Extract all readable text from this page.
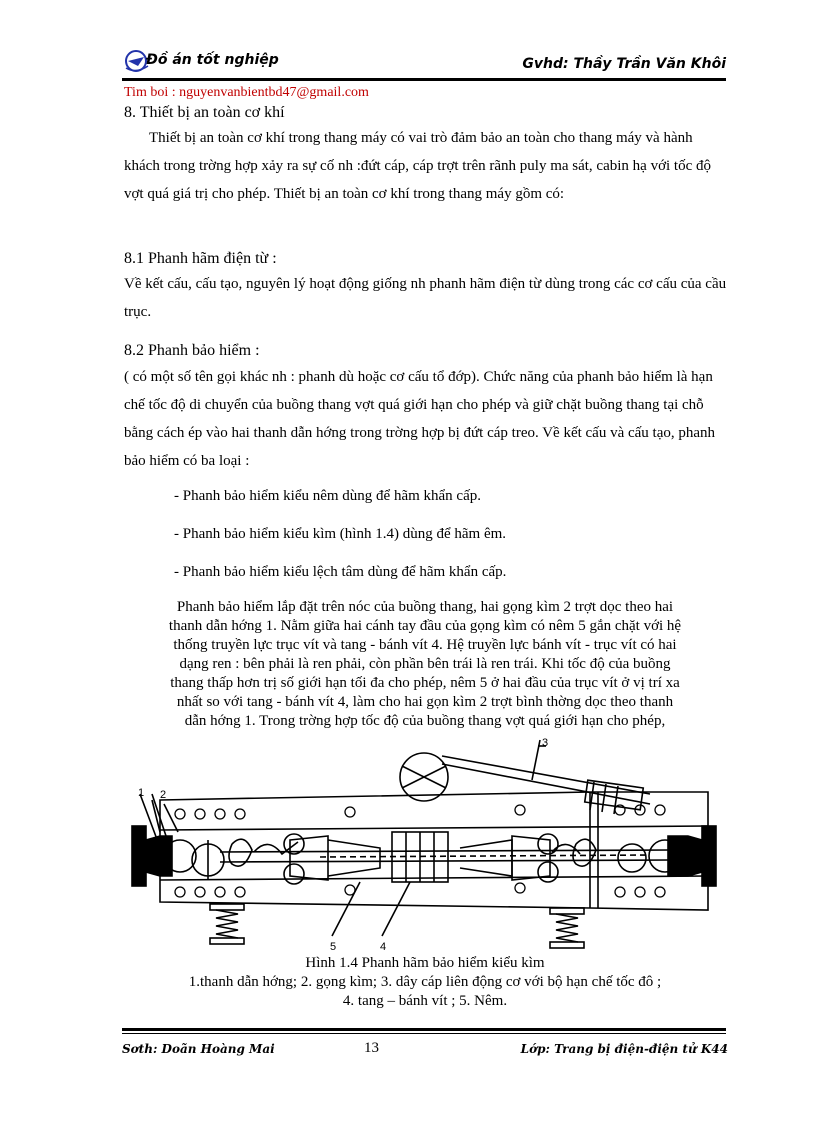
Đồ án tốt nghiệp	Gvhd: Thầy Trần Văn Khôi
Tim boi : nguyenvanbientbd47@gmail.com
8. Thiết bị an toàn cơ khí
Thiết bị an toàn cơ khí trong thang máy có vai trò đảm bảo an toàn cho thang máy và hành khách trong trờng hợp xảy ra sự cố nh :đứt cáp, cáp trợt trên rãnh puly ma sát, cabin hạ với tốc độ vợt quá giá trị cho phép. Thiết bị an toàn cơ khí trong thang máy gồm có:
8.1 Phanh hãm điện từ :
Về kết cấu, cấu tạo, nguyên lý hoạt động giống nh phanh hãm điện từ dùng trong các cơ cấu của cầu trục.
8.2 Phanh bảo hiểm :
( có một số tên gọi khác nh : phanh dù hoặc cơ cấu tổ đớp). Chức năng của phanh bảo hiểm là hạn chế tốc độ di chuyển của buồng thang vợt quá giới hạn cho phép và giữ chặt buồng thang tại chỗ bằng cách ép vào hai thanh dẫn hớng trong trờng hợp bị đứt cáp treo. Về kết cấu và cấu tạo, phanh bảo hiểm có ba loại :
- Phanh bảo hiểm kiểu nêm dùng để hãm khẩn cấp.
- Phanh bảo hiểm kiểu kìm (hình 1.4) dùng để hãm êm.
- Phanh bảo hiểm kiểu lệch tâm dùng để hãm khẩn cấp.
Phanh bảo hiểm lắp đặt trên nóc của buồng thang, hai gọng kìm 2 trợt dọc theo hai
thanh dẫn hớng 1. Nằm giữa hai cánh tay đầu của gọng kìm có nêm 5 gắn chặt với hệ
thống truyền lực trục vít và tang - bánh vít 4. Hệ truyền lực bánh vít - trục vít có hai
dạng ren : bên phải là ren phải, còn phần bên trái là ren trái. Khi tốc độ của buồng
thang thấp hơn trị số giới hạn tối đa cho phép, nêm 5 ở hai đầu của trục vít ở vị trí xa
nhất so với tang - bánh vít 4, làm cho hai gọn kìm 2 trợt bình thờng dọc theo thanh
dẫn hớng 1. Trong trờng hợp tốc độ của buồng thang vợt quá giới hạn cho phép,
1 2
3
4
5
Hình 1.4 Phanh hãm bảo hiểm kiểu kìm
1.thanh dẫn hớng; 2. gọng kìm; 3. dây cáp liên động cơ với bộ hạn chế tốc đô ;
4. tang – bánh vít ; 5. Nêm.
Sơth: Doãn Hoàng Mai	13	Lớp: Trang bị điện-điện tử K44
